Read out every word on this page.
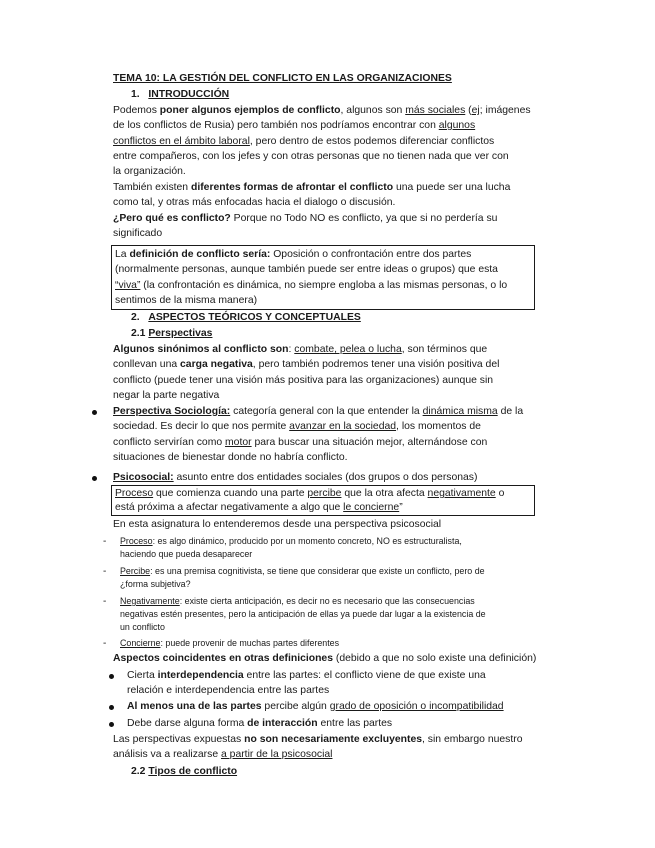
TEMA 10: LA GESTIÓN DEL CONFLICTO EN LAS ORGANIZACIONES
1. INTRODUCCIÓN
Podemos poner algunos ejemplos de conflicto, algunos son más sociales (ej; imágenes
de los conflictos de Rusia) pero también nos podríamos encontrar con algunos
conflictos en el ámbito laboral, pero dentro de estos podemos diferenciar conflictos
entre compañeros, con los jefes y con otras personas que no tienen nada que ver con
la organización.
También existen diferentes formas de afrontar el conflicto una puede ser una lucha
como tal, y otras más enfocadas hacia el dialogo o discusión.
¿Pero qué es conflicto? Porque no Todo NO es conflicto, ya que si no perdería su
significado
La definición de conflicto sería: Oposición o confrontación entre dos partes
(normalmente personas, aunque también puede ser entre ideas o grupos) que esta
“viva” (la confrontación es dinámica, no siempre engloba a las mismas personas, o lo
sentimos de la misma manera)
2. ASPECTOS TEÓRICOS Y CONCEPTUALES
2.1 Perspectivas
Algunos sinónimos al conflicto son: combate, pelea o lucha, son términos que
conllevan una carga negativa, pero también podremos tener una visión positiva del
conflicto (puede tener una visión más positiva para las organizaciones) aunque sin
negar la parte negativa
Perspectiva Sociología: categoría general con la que entender la dinámica misma de la
sociedad. Es decir lo que nos permite avanzar en la sociedad, los momentos de
conflicto servirían como motor para buscar una situación mejor, alternándose con
situaciones de bienestar donde no habría conflicto.
Psicosocial: asunto entre dos entidades sociales (dos grupos o dos personas)
Proceso que comienza cuando una parte percibe que la otra afecta negativamente o
está próxima a afectar negativamente a algo que le concierne”
En esta asignatura lo entenderemos desde una perspectiva psicosocial
- Proceso: es algo dinámico, producido por un momento concreto, NO es estructuralista,
haciendo que pueda desaparecer
- Percibe: es una premisa cognitivista, se tiene que considerar que existe un conflicto, pero de
¿forma subjetiva?
- Negativamente: existe cierta anticipación, es decir no es necesario que las consecuencias
negativas estén presentes, pero la anticipación de ellas ya puede dar lugar a la existencia de
un conflicto
- Concierne: puede provenir de muchas partes diferentes
Aspectos coincidentes en otras definiciones (debido a que no solo existe una definición)
Cierta interdependencia entre las partes: el conflicto viene de que existe una
relación e interdependencia entre las partes
Al menos una de las partes percibe algún grado de oposición o incompatibilidad
Debe darse alguna forma de interacción entre las partes
Las perspectivas expuestas no son necesariamente excluyentes, sin embargo nuestro
análisis va a realizarse a partir de la psicosocial
2.2 Tipos de conflicto
